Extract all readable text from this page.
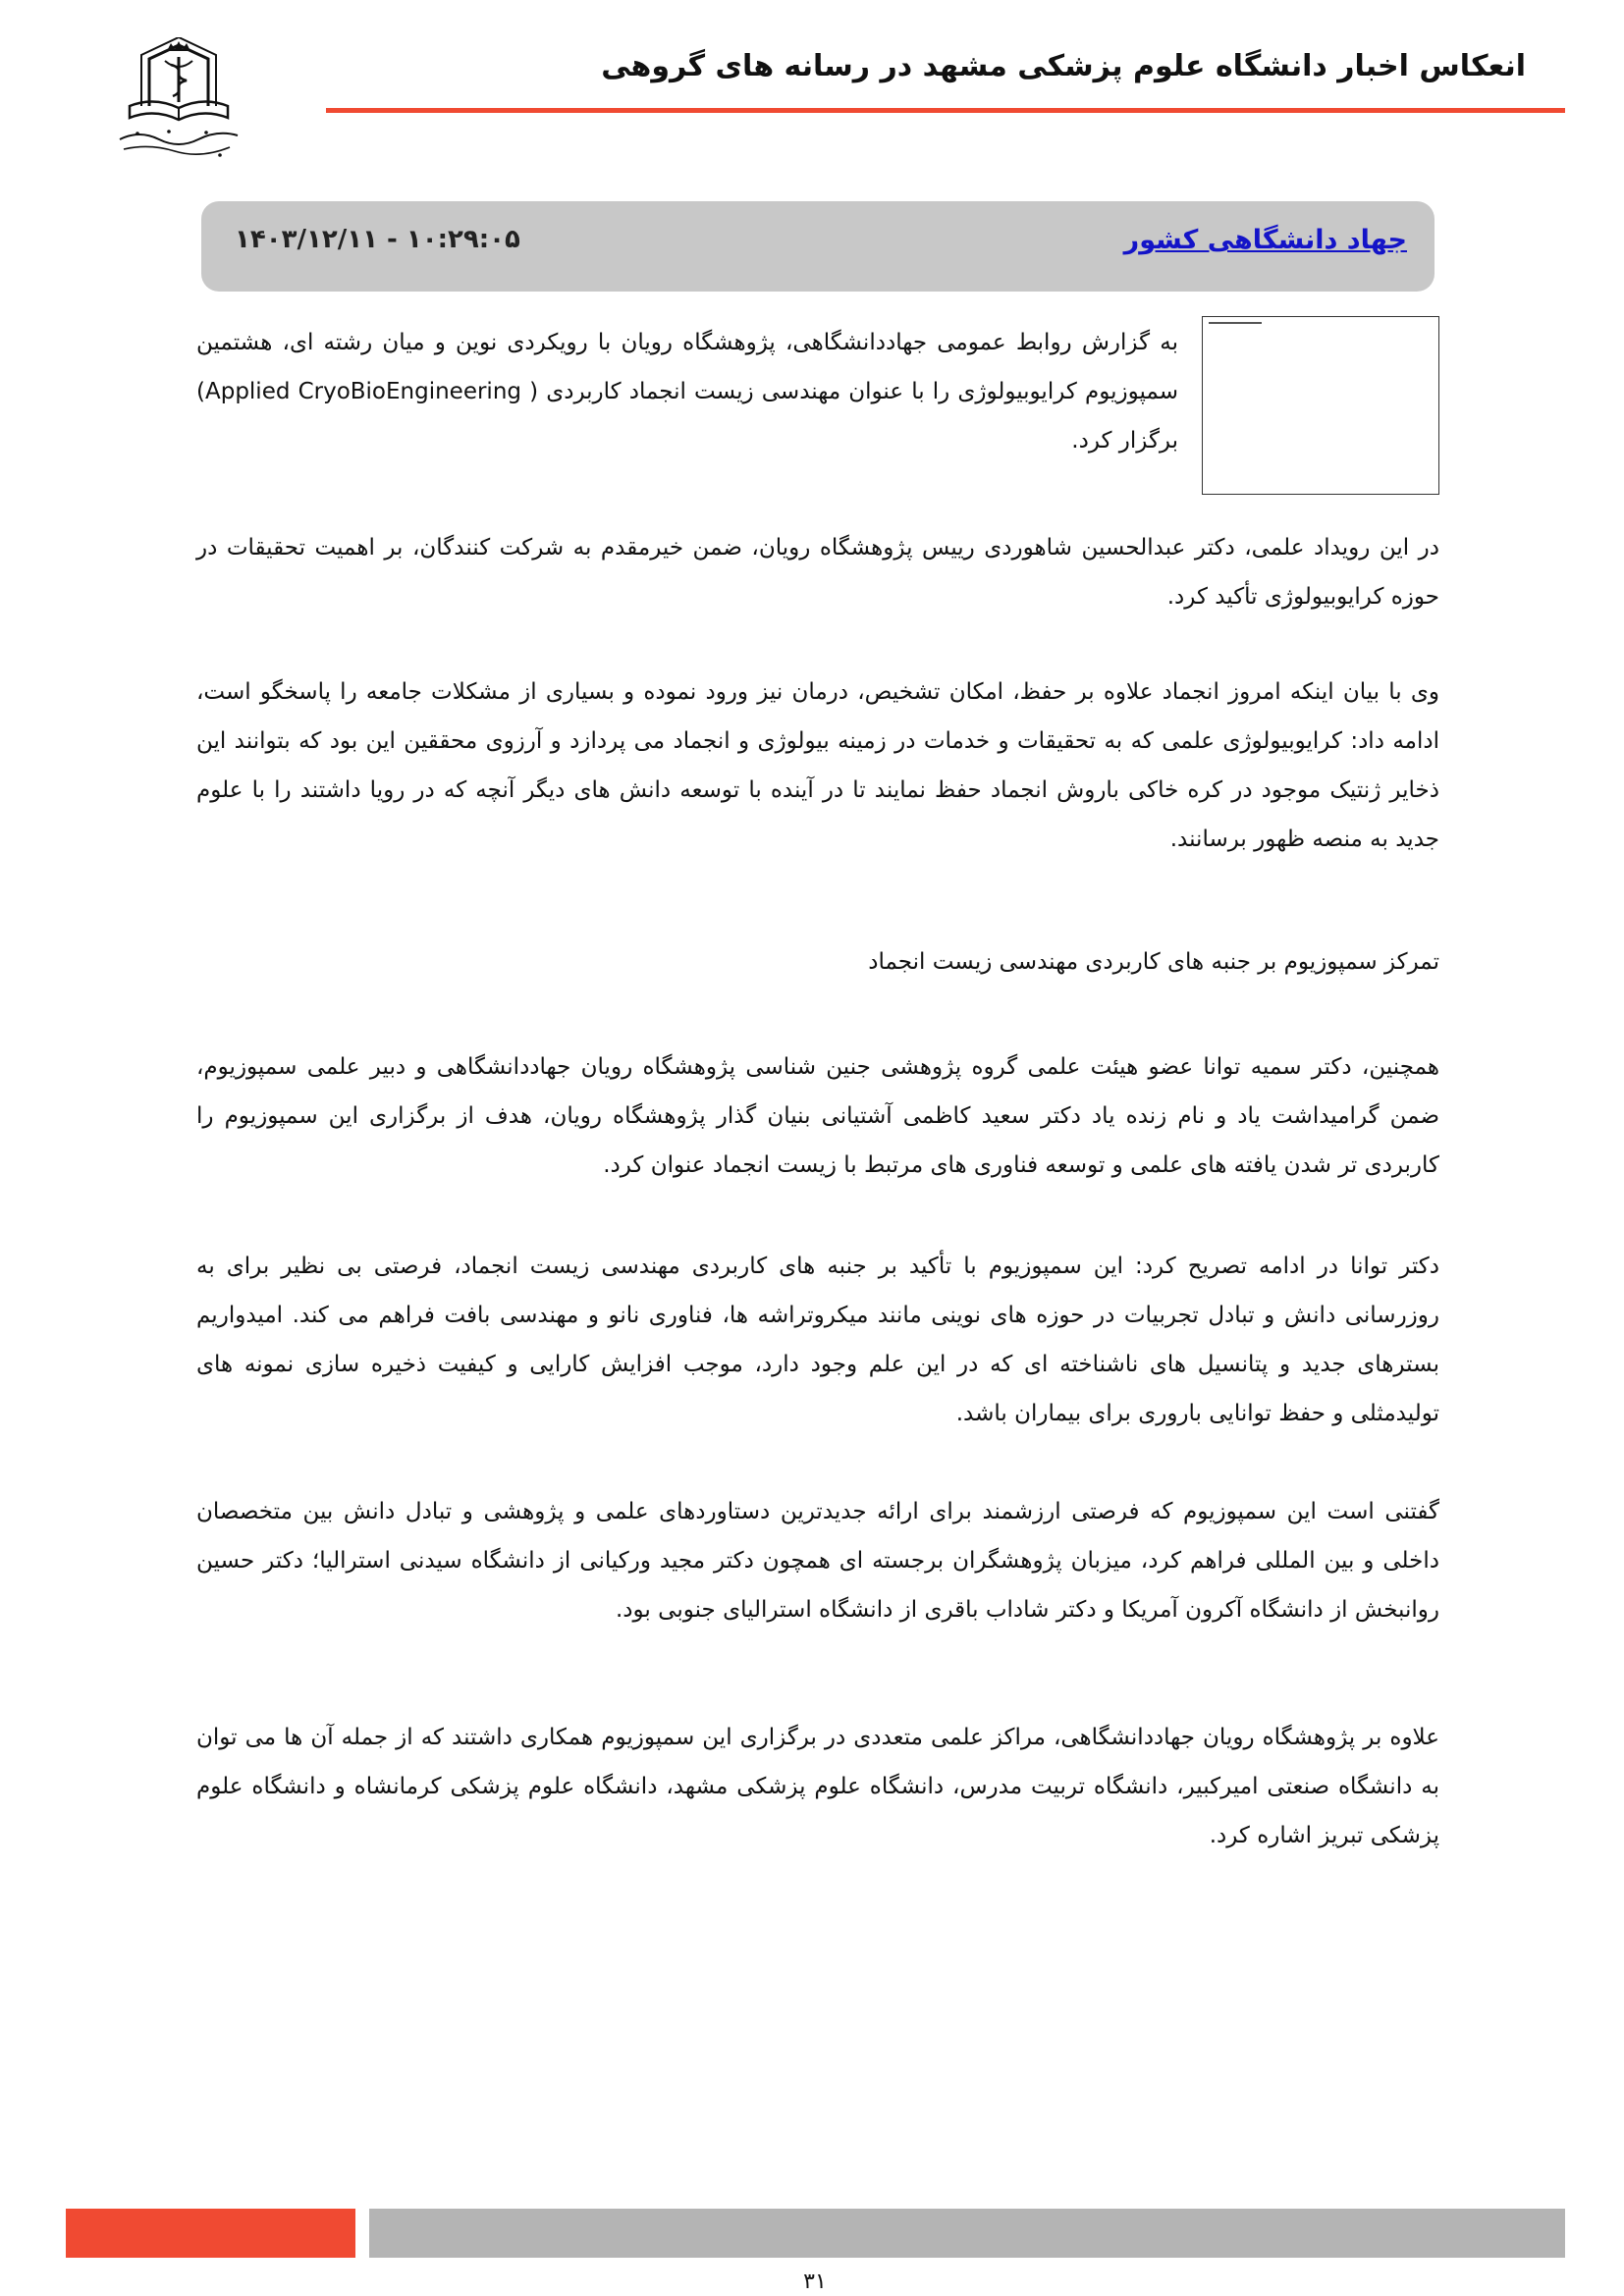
انعکاس اخبار دانشگاه علوم پزشکی مشهد در رسانه های گروهی
جهاد دانشگاهی کشور
۱۴۰۳/۱۲/۱۱ - ۱۰:۲۹:۰۵

به گزارش روابط عمومی جهاددانشگاهی، پژوهشگاه رویان با رویکردی نوین و میان رشته ای، هشتمین سمپوزیوم کرایوبیولوژی را با عنوان مهندسی زیست انجماد کاربردی ( Applied CryoBioEngineering) برگزار کرد.

در این رویداد علمی، دکتر عبدالحسین شاهوردی رییس پژوهشگاه رویان، ضمن خیرمقدم به شرکت کنندگان، بر اهمیت تحقیقات در حوزه کرایوبیولوژی تأکید کرد.

وی با بیان اینکه امروز انجماد علاوه بر حفظ، امکان تشخیص، درمان نیز ورود نموده و بسیاری از مشکلات جامعه را پاسخگو است، ادامه داد: کرایوبیولوژی علمی که به تحقیقات و خدمات در زمینه بیولوژی و انجماد می پردازد و آرزوی محققین این بود که بتوانند این ذخایر ژنتیک موجود در کره خاکی باروش انجماد حفظ نمایند تا در آینده با توسعه دانش های دیگر آنچه که در رویا داشتند را با علوم جدید به منصه ظهور برسانند.

تمرکز سمپوزیوم بر جنبه های کاربردی مهندسی زیست انجماد

همچنین، دکتر سمیه توانا عضو هیئت علمی گروه پژوهشی جنین شناسی پژوهشگاه رویان جهاددانشگاهی و دبیر علمی سمپوزیوم، ضمن گرامیداشت یاد و نام زنده یاد دکتر سعید کاظمی آشتیانی بنیان گذار پژوهشگاه رویان، هدف از برگزاری این سمپوزیوم را کاربردی تر شدن یافته های علمی و توسعه فناوری های مرتبط با زیست انجماد عنوان کرد.

دکتر توانا در ادامه تصریح کرد: این سمپوزیوم با تأکید بر جنبه های کاربردی مهندسی زیست انجماد، فرصتی بی نظیر برای به روزرسانی دانش و تبادل تجربیات در حوزه های نوینی مانند میکروتراشه ها، فناوری نانو و مهندسی بافت فراهم می کند. امیدواریم بسترهای جدید و پتانسیل های ناشناخته ای که در این علم وجود دارد، موجب افزایش کارایی و کیفیت ذخیره سازی نمونه های تولیدمثلی و حفظ توانایی باروری برای بیماران باشد.

گفتنی است این سمپوزیوم که فرصتی ارزشمند برای ارائه جدیدترین دستاوردهای علمی و پژوهشی و تبادل دانش بین متخصصان داخلی و بین المللی فراهم کرد، میزبان پژوهشگران برجسته ای همچون دکتر مجید ورکیانی از دانشگاه سیدنی استرالیا؛ دکتر حسین روانبخش از دانشگاه آکرون آمریکا و دکتر شاداب باقری از دانشگاه استرالیای جنوبی بود.

علاوه بر پژوهشگاه رویان جهاددانشگاهی، مراکز علمی متعددی در برگزاری این سمپوزیوم همکاری داشتند که از جمله آن ها می توان به دانشگاه صنعتی امیرکبیر، دانشگاه تربیت مدرس، دانشگاه علوم پزشکی مشهد، دانشگاه علوم پزشکی کرمانشاه و دانشگاه علوم پزشکی تبریز اشاره کرد.

۳۱
